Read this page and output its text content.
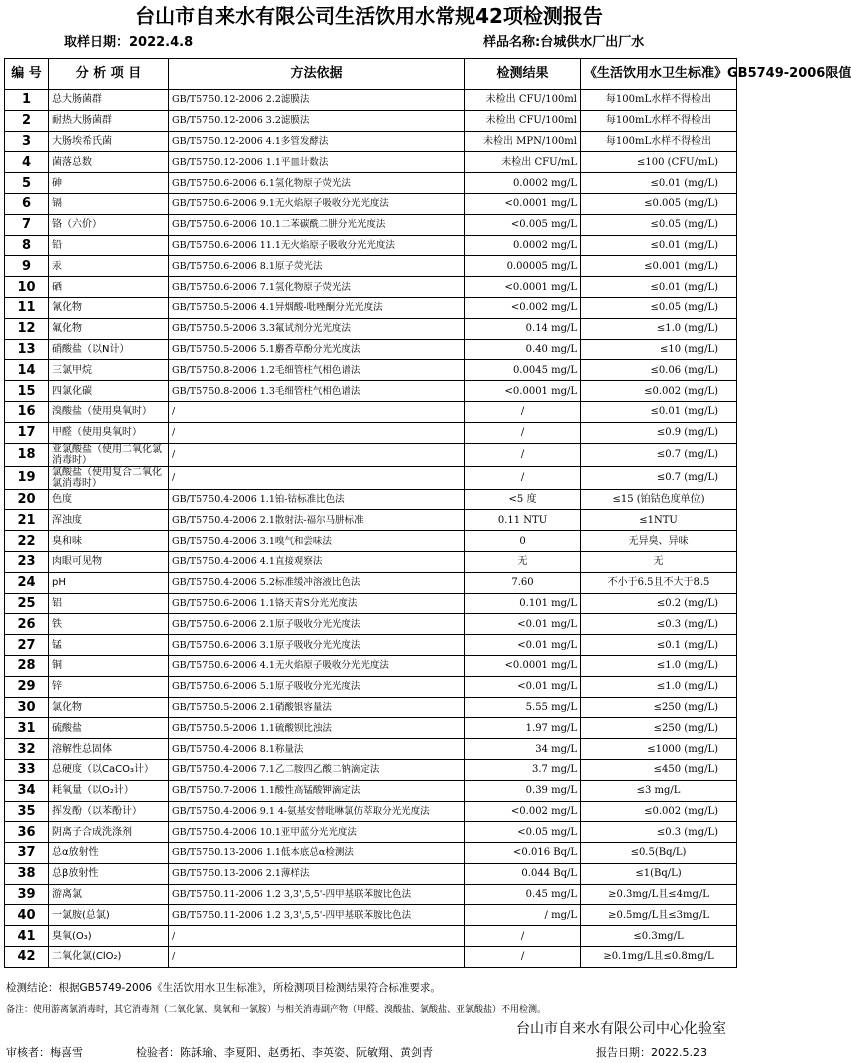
台山市自来水有限公司生活饮用水常规42项检测报告
取样日期：2022.4.8	样品名称:台城供水厂出厂水
编 号	分 析 项 目	方法依据	检测结果	《生活饮用水卫生标准》GB5749-2006限值
1	总大肠菌群	GB/T5750.12-2006 2.2滤膜法	未检出 CFU/100ml	每100mL水样不得检出
2	耐热大肠菌群	GB/T5750.12-2006 3.2滤膜法	未检出 CFU/100ml	每100mL水样不得检出
3	大肠埃希氏菌	GB/T5750.12-2006 4.1多管发酵法	未检出 MPN/100ml	每100mL水样不得检出
4	菌落总数	GB/T5750.12-2006 1.1平皿计数法	未检出 CFU/mL	≤100 (CFU/mL)
5	砷	GB/T5750.6-2006 6.1氢化物原子荧光法	0.0002 mg/L	≤0.01 (mg/L)
6	镉	GB/T5750.6-2006 9.1无火焰原子吸收分光光度法	<0.0001 mg/L	≤0.005 (mg/L)
7	铬（六价）	GB/T5750.6-2006 10.1二苯碳酰二肼分光光度法	<0.005 mg/L	≤0.05 (mg/L)
8	铅	GB/T5750.6-2006 11.1无火焰原子吸收分光光度法	0.0002 mg/L	≤0.01 (mg/L)
9	汞	GB/T5750.6-2006 8.1原子荧光法	0.00005 mg/L	≤0.001 (mg/L)
10	硒	GB/T5750.6-2006 7.1氢化物原子荧光法	<0.0001 mg/L	≤0.01 (mg/L)
11	氰化物	GB/T5750.5-2006 4.1异烟酸-吡唑酮分光光度法	<0.002 mg/L	≤0.05 (mg/L)
12	氟化物	GB/T5750.5-2006 3.3氟试剂分光光度法	0.14 mg/L	≤1.0 (mg/L)
13	硝酸盐（以N计）	GB/T5750.5-2006 5.1麝香草酚分光光度法	0.40 mg/L	≤10 (mg/L)
14	三氯甲烷	GB/T5750.8-2006 1.2毛细管柱气相色谱法	0.0045 mg/L	≤0.06 (mg/L)
15	四氯化碳	GB/T5750.8-2006 1.3毛细管柱气相色谱法	<0.0001 mg/L	≤0.002 (mg/L)
16	溴酸盐（使用臭氧时）	/	/	≤0.01 (mg/L)
17	甲醛（使用臭氧时）	/	/	≤0.9 (mg/L)
18	亚氯酸盐（使用二氧化氯消毒时）	/	/	≤0.7 (mg/L)
19	氯酸盐（使用复合二氧化氯消毒时）	/	/	≤0.7 (mg/L)
20	色度	GB/T5750.4-2006 1.1铂-钴标准比色法	<5 度	≤15 (铂钴色度单位)
21	浑浊度	GB/T5750.4-2006 2.1散射法-福尔马肼标准	0.11 NTU	≤1NTU
22	臭和味	GB/T5750.4-2006 3.1嗅气和尝味法	0	无异臭、异味
23	肉眼可见物	GB/T5750.4-2006 4.1直接观察法	无	无
24	pH	GB/T5750.4-2006 5.2标准缓冲溶液比色法	7.60	不小于6.5且不大于8.5
25	铝	GB/T5750.6-2006 1.1铬天青S分光光度法	0.101 mg/L	≤0.2 (mg/L)
26	铁	GB/T5750.6-2006 2.1原子吸收分光光度法	<0.01 mg/L	≤0.3 (mg/L)
27	锰	GB/T5750.6-2006 3.1原子吸收分光光度法	<0.01 mg/L	≤0.1 (mg/L)
28	铜	GB/T5750.6-2006 4.1无火焰原子吸收分光光度法	<0.0001 mg/L	≤1.0 (mg/L)
29	锌	GB/T5750.6-2006 5.1原子吸收分光光度法	<0.01 mg/L	≤1.0 (mg/L)
30	氯化物	GB/T5750.5-2006 2.1硝酸银容量法	5.55 mg/L	≤250 (mg/L)
31	硫酸盐	GB/T5750.5-2006 1.1硫酸钡比浊法	1.97 mg/L	≤250 (mg/L)
32	溶解性总固体	GB/T5750.4-2006 8.1称量法	34 mg/L	≤1000 (mg/L)
33	总硬度（以CaCO₃计）	GB/T5750.4-2006 7.1乙二胺四乙酸二钠滴定法	3.7 mg/L	≤450 (mg/L)
34	耗氧量（以O₂计）	GB/T5750.7-2006 1.1酸性高锰酸钾滴定法	0.39 mg/L	≤3 mg/L
35	挥发酚（以苯酚计）	GB/T5750.4-2006 9.1 4-氨基安替吡啉氯仿萃取分光光度法	<0.002 mg/L	≤0.002 (mg/L)
36	阴离子合成洗涤剂	GB/T5750.4-2006 10.1亚甲蓝分光光度法	<0.05 mg/L	≤0.3 (mg/L)
37	总α放射性	GB/T5750.13-2006 1.1低本底总α检测法	<0.016 Bq/L	≤0.5(Bq/L)
38	总β放射性	GB/T5750.13-2006 2.1薄样法	0.044 Bq/L	≤1(Bq/L)
39	游离氯	GB/T5750.11-2006 1.2 3,3',5,5'-四甲基联苯胺比色法	0.45 mg/L	≥0.3mg/L且≤4mg/L
40	一氯胺(总氯)	GB/T5750.11-2006 1.2 3,3',5,5'-四甲基联苯胺比色法	/ mg/L	≥0.5mg/L且≤3mg/L
41	臭氧(O₃)	/	/	≤0.3mg/L
42	二氧化氯(ClO₂)	/	/	≥0.1mg/L且≤0.8mg/L
检测结论：根据GB5749-2006《生活饮用水卫生标准》，所检测项目检测结果符合标准要求。
备注：使用游离氯消毒时，其它消毒剂（二氧化氯、臭氧和一氯胺）与相关消毒副产物（甲醛、溴酸盐、氯酸盐、亚氯酸盐）不用检测。
台山市自来水有限公司中心化验室
审核者：梅喜雪	检验者：陈訸瑜、李夏阳、赵勇拓、李英姿、阮敏翔、黄剑青	报告日期：2022.5.23
